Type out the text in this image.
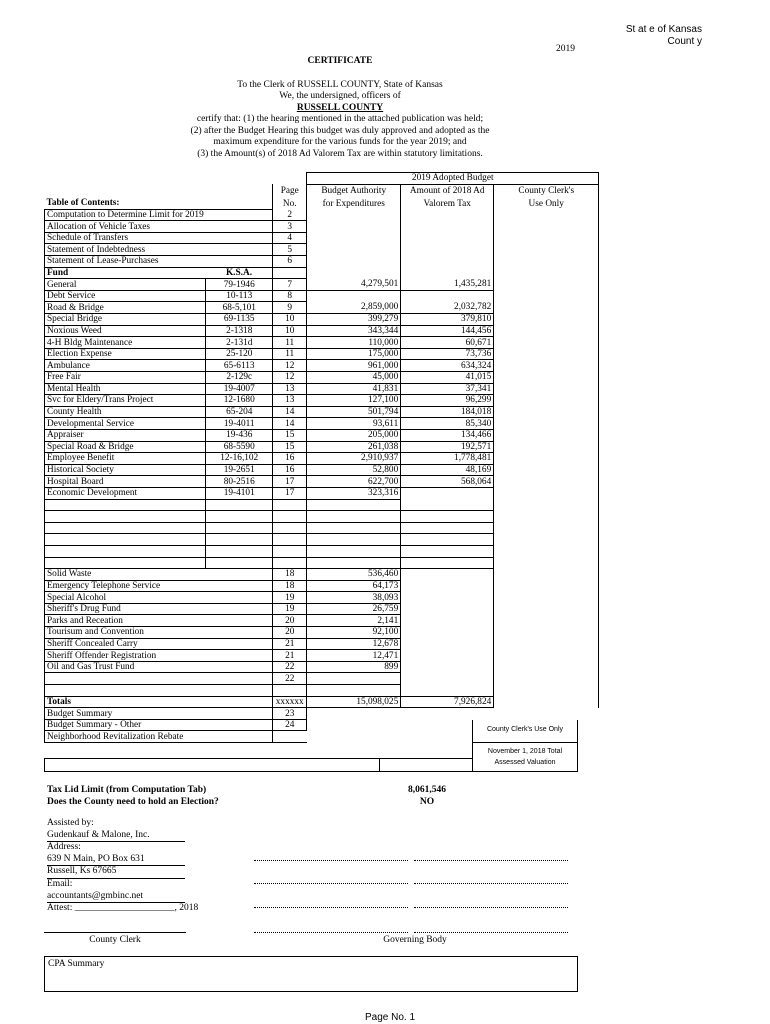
St at e of Kansas
Count y
2019

CERTIFICATE

To the Clerk of RUSSELL COUNTY, State of Kansas

We, the undersigned, officers of

RUSSELL COUNTY

certify that: (1) the hearing mentioned in the attached publication was held;

(2) after the Budget Hearing this budget was duly approved and adopted as the

maximum expenditure for the various funds for the year 2019; and

(3) the Amount(s) of 2018 Ad Valorem Tax are within statutory limitations.

			2019 Adopted Budget		
		Page	Budget Authority	Amount of 2018 Ad	County Clerk's
Table of Contents:		No.	for Expenditures	Valorem Tax	Use Only
Computation to Determine Limit for 2019		2			
Allocation of Vehicle Taxes		3			
Schedule of Transfers		4			
Statement of Indebtedness		5			
Statement of Lease-Purchases		6			
Fund	K.S.A.				
General	79-1946	7	4,279,501	1,435,281	
Debt Service	10-113	8			
Road & Bridge	68-5,101	9	2,859,000	2,032,782	
Special Bridge	69-1135	10	399,279	379,810	
Noxious Weed	2-1318	10	343,344	144,456	
4-H Bldg Maintenance	2-131d	11	110,000	60,671	
Election Expense	25-120	11	175,000	73,736	
Ambulance	65-6113	12	961,000	634,324	
Free Fair	2-129c	12	45,000	41,015	
Mental Health	19-4007	13	41,831	37,341	
Svc for Eldery/Trans Project	12-1680	13	127,100	96,299	
County Health	65-204	14	501,794	184,018	
Developmental Service	19-4011	14	93,611	85,340	
Appraiser	19-436	15	205,000	134,466	
Special Road & Bridge	68-5590	15	261,038	192,571	
Employee Benefit	12-16,102	16	2,910,937	1,778,481	
Historical Society	19-2651	16	52,800	48,169	
Hospital Board	80-2516	17	622,700	568,064	
Economic Development	19-4101	17	323,316		

Solid Waste		18	536,460		
Emergency Telephone Service		18	64,173		
Special Alcohol		19	38,093		
Sheriff's Drug Fund		19	26,759		
Parks and Receation		20	2,141		
Tourisum and Convention		20	92,100		
Sheriff Concealed Carry		21	12,678		
Sheriff Offender Registration		21	12,471		
Oil and Gas Trust Fund		22	899		
		22			

Totals		xxxxxx	15,098,025	7,926,824	
Budget Summary		23			
Budget Summary - Other		24			
Neighborhood Revitalization Rebate					
County Clerk's Use Only
November 1, 2018 Total
Assessed Valuation
Tax Lid Limit (from Computation Tab)
Does the County need to hold an Election?
8,061,546
NO
Assisted by:
Gudenkauf & Malone, Inc.
Address:
639 N Main, PO Box 631
Russell, Ks 67665
Email:
accountants@gmbinc.net
Attest: _____________________, 2018
County Clerk	Governing Body
CPA Summary
Page No. 1
